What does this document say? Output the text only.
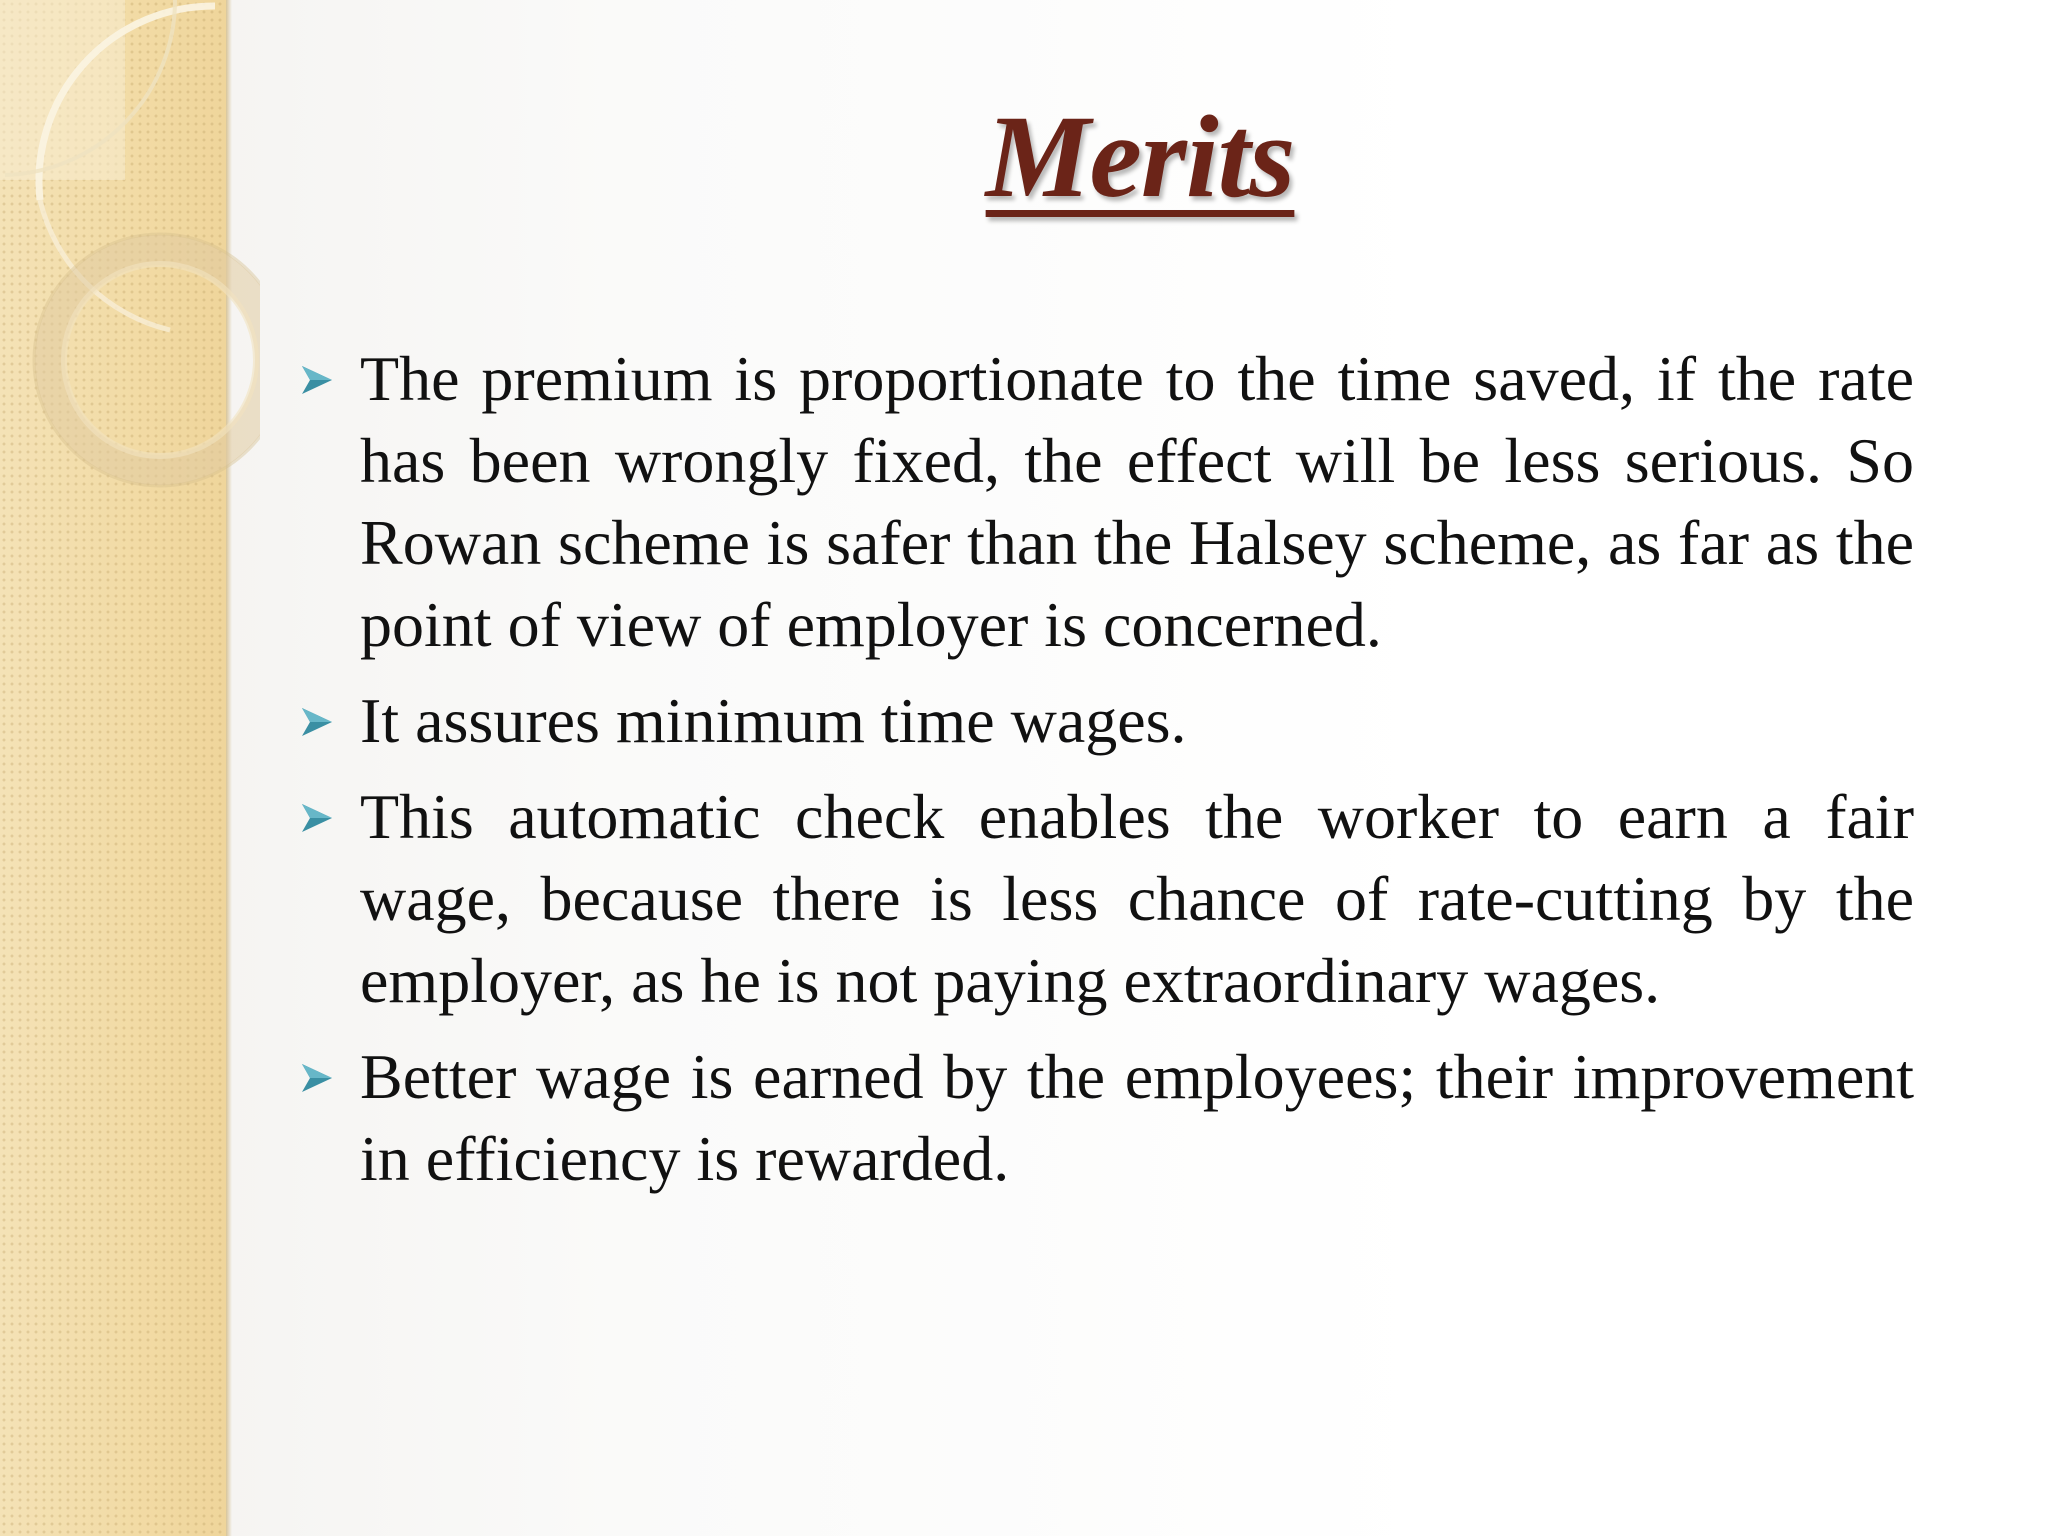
Merits
The premium is proportionate to the time saved, if the rate has been wrongly fixed, the effect will be less serious. So Rowan scheme is safer than the Halsey scheme, as far as the point of view of employer is concerned.
It assures minimum time wages.
This automatic check enables the worker to earn a fair wage, because there is less chance of rate-cutting by the employer, as he is not paying extraordinary wages.
Better wage is earned by the employees; their improvement in efficiency is rewarded.
